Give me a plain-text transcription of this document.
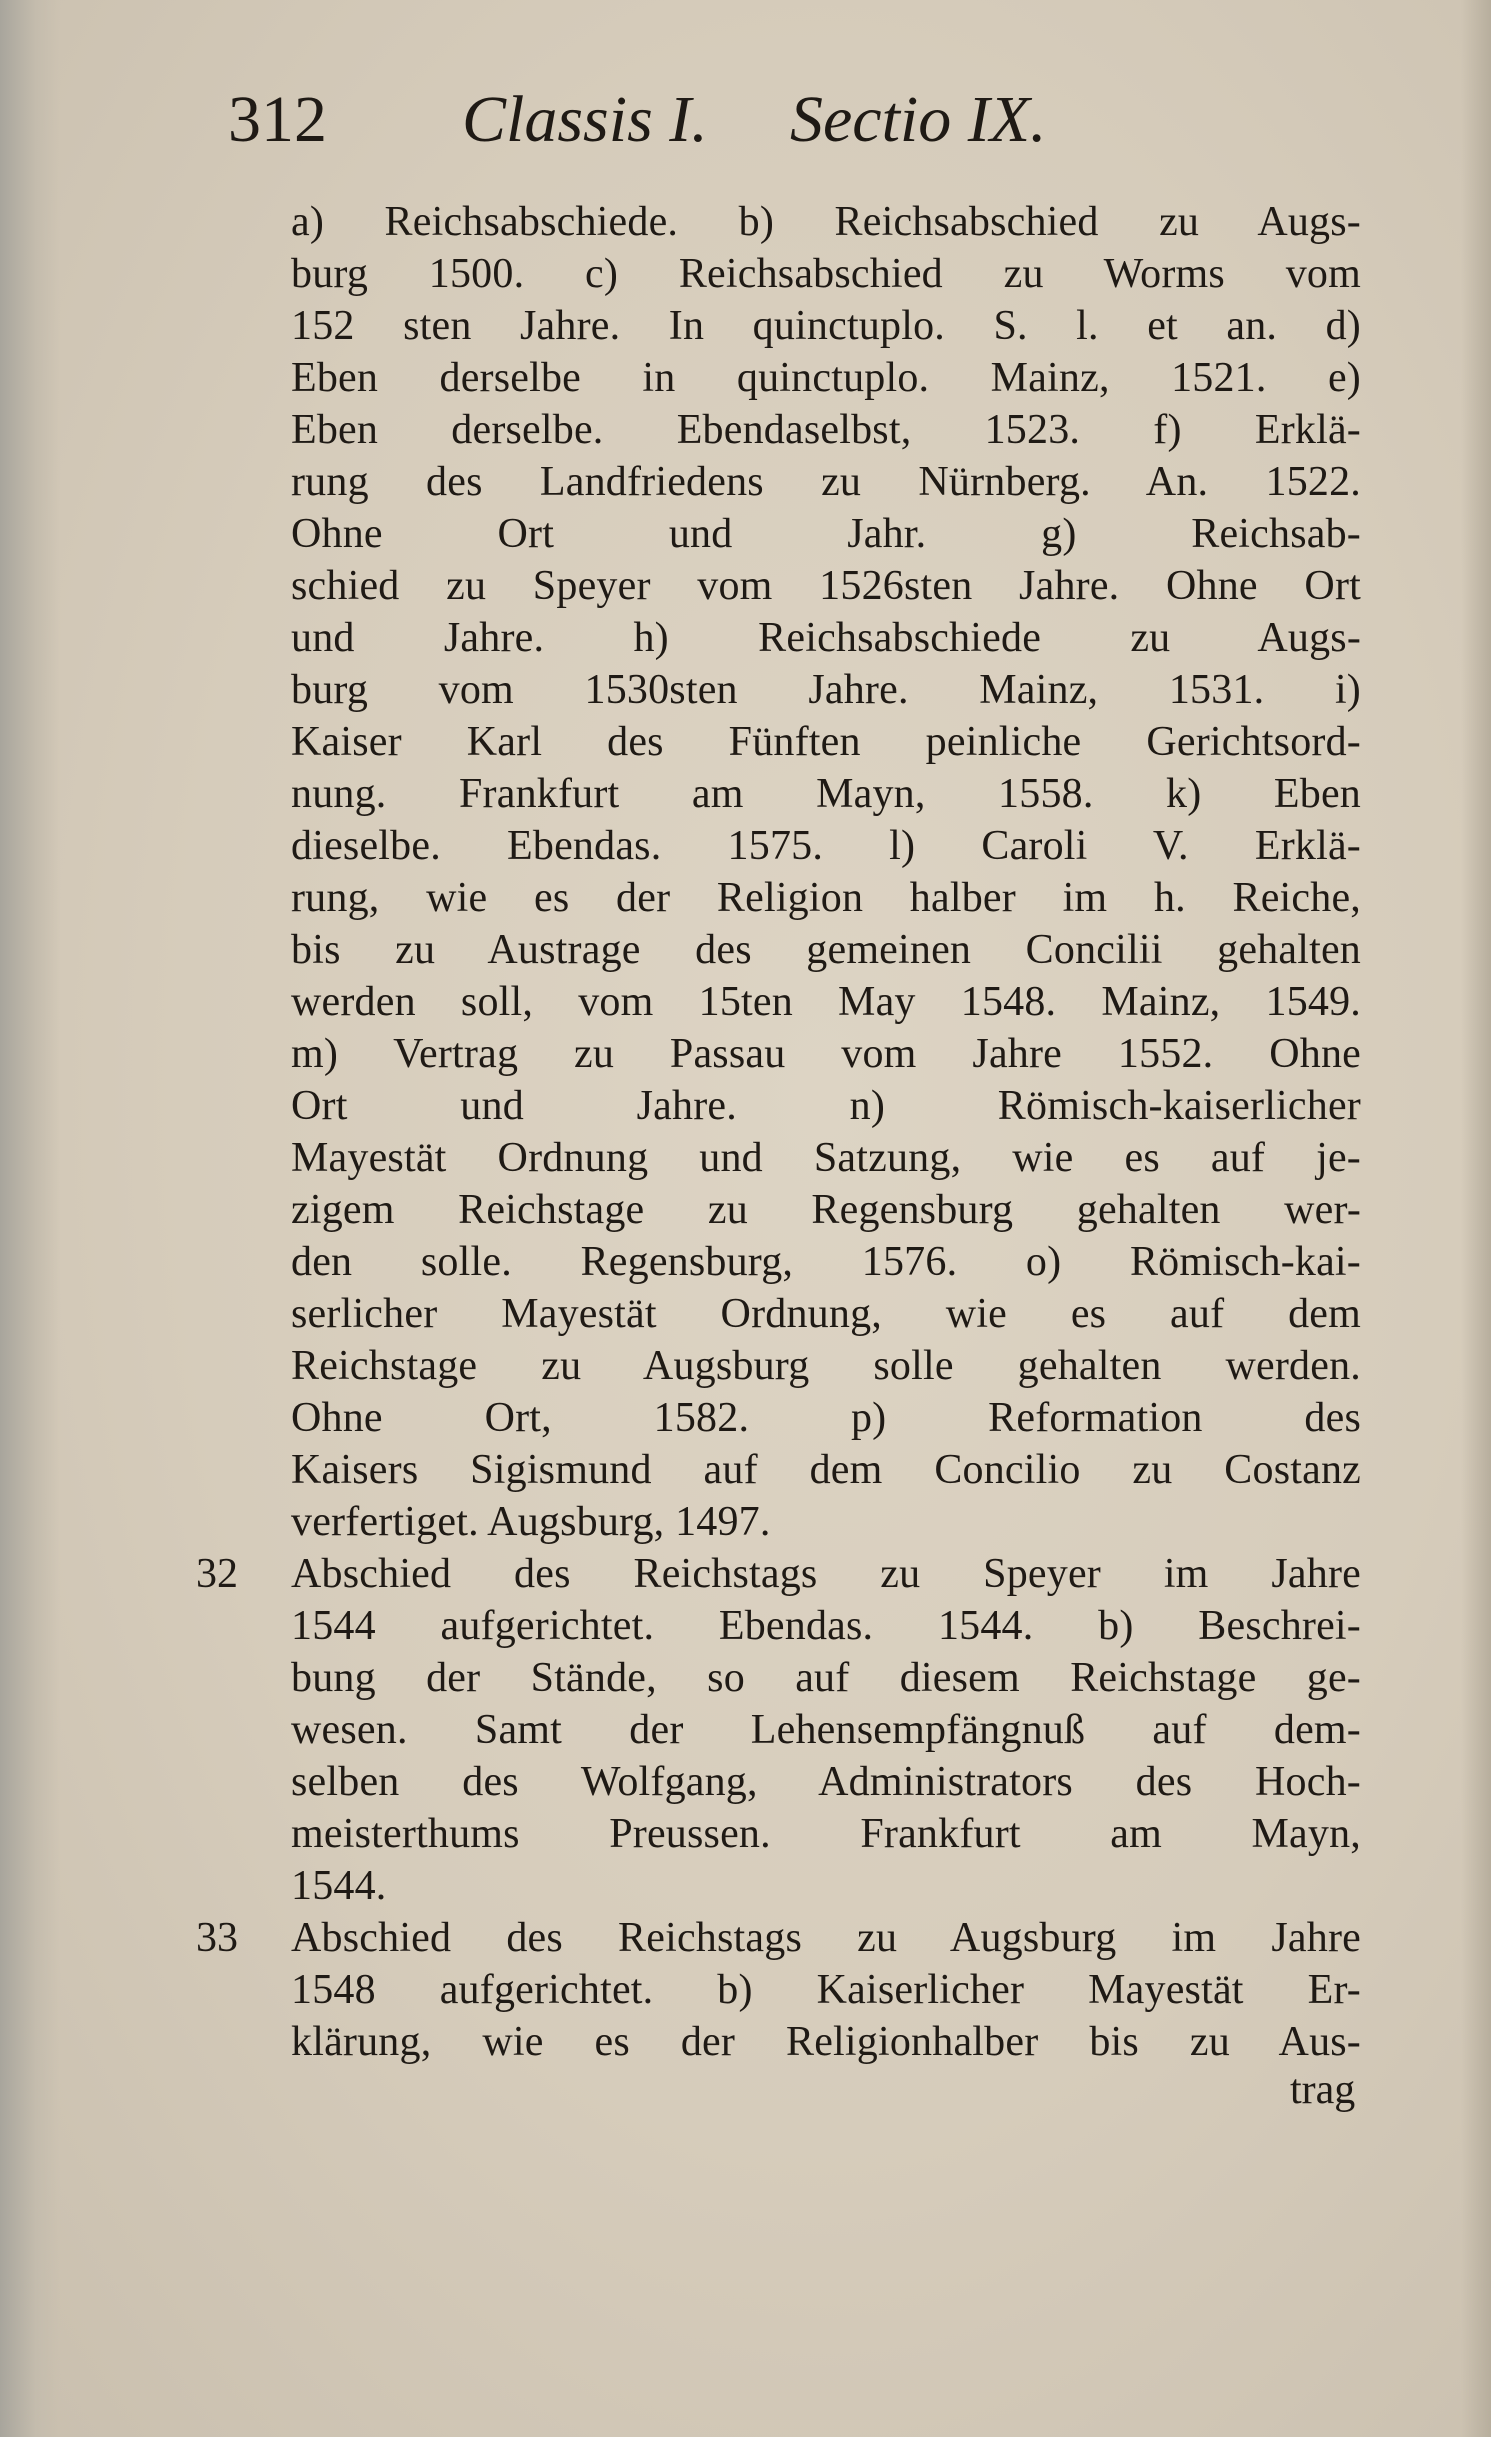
312 Classis I. Sectio IX.
a) Reichsabschiede. b) Reichsabschied zu Augs-
burg 1500. c) Reichsabschied zu Worms vom
152 sten Jahre. In quinctuplo. S. l. et an. d)
Eben derselbe in quinctuplo. Mainz, 1521. e)
Eben derselbe. Ebendaselbst, 1523. f) Erklä-
rung des Landfriedens zu Nürnberg. An. 1522.
Ohne Ort und Jahr. g) Reichsab-
schied zu Speyer vom 1526sten Jahre. Ohne Ort
und Jahre. h) Reichsabschiede zu Augs-
burg vom 1530sten Jahre. Mainz, 1531. i)
Kaiser Karl des Fünften peinliche Gerichtsord-
nung. Frankfurt am Mayn, 1558. k) Eben
dieselbe. Ebendas. 1575. l) Caroli V. Erklä-
rung, wie es der Religion halber im h. Reiche,
bis zu Austrage des gemeinen Concilii gehalten
werden soll, vom 15ten May 1548. Mainz, 1549.
m) Vertrag zu Passau vom Jahre 1552. Ohne
Ort und Jahre. n) Römisch-kaiserlicher
Mayestät Ordnung und Satzung, wie es auf je-
zigem Reichstage zu Regensburg gehalten wer-
den solle. Regensburg, 1576. o) Römisch-kai-
serlicher Mayestät Ordnung, wie es auf dem
Reichstage zu Augsburg solle gehalten werden.
Ohne Ort, 1582. p) Reformation des
Kaisers Sigismund auf dem Concilio zu Costanz
verfertiget. Augsburg, 1497.
32 Abschied des Reichstags zu Speyer im Jahre
1544 aufgerichtet. Ebendas. 1544. b) Beschrei-
bung der Stände, so auf diesem Reichstage ge-
wesen. Samt der Lehensempfängnuß auf dem-
selben des Wolfgang, Administrators des Hoch-
meisterthums Preussen. Frankfurt am Mayn,
1544.
33 Abschied des Reichstags zu Augsburg im Jahre
1548 aufgerichtet. b) Kaiserlicher Mayestät Er-
klärung, wie es der Religionhalber bis zu Aus-
trag
